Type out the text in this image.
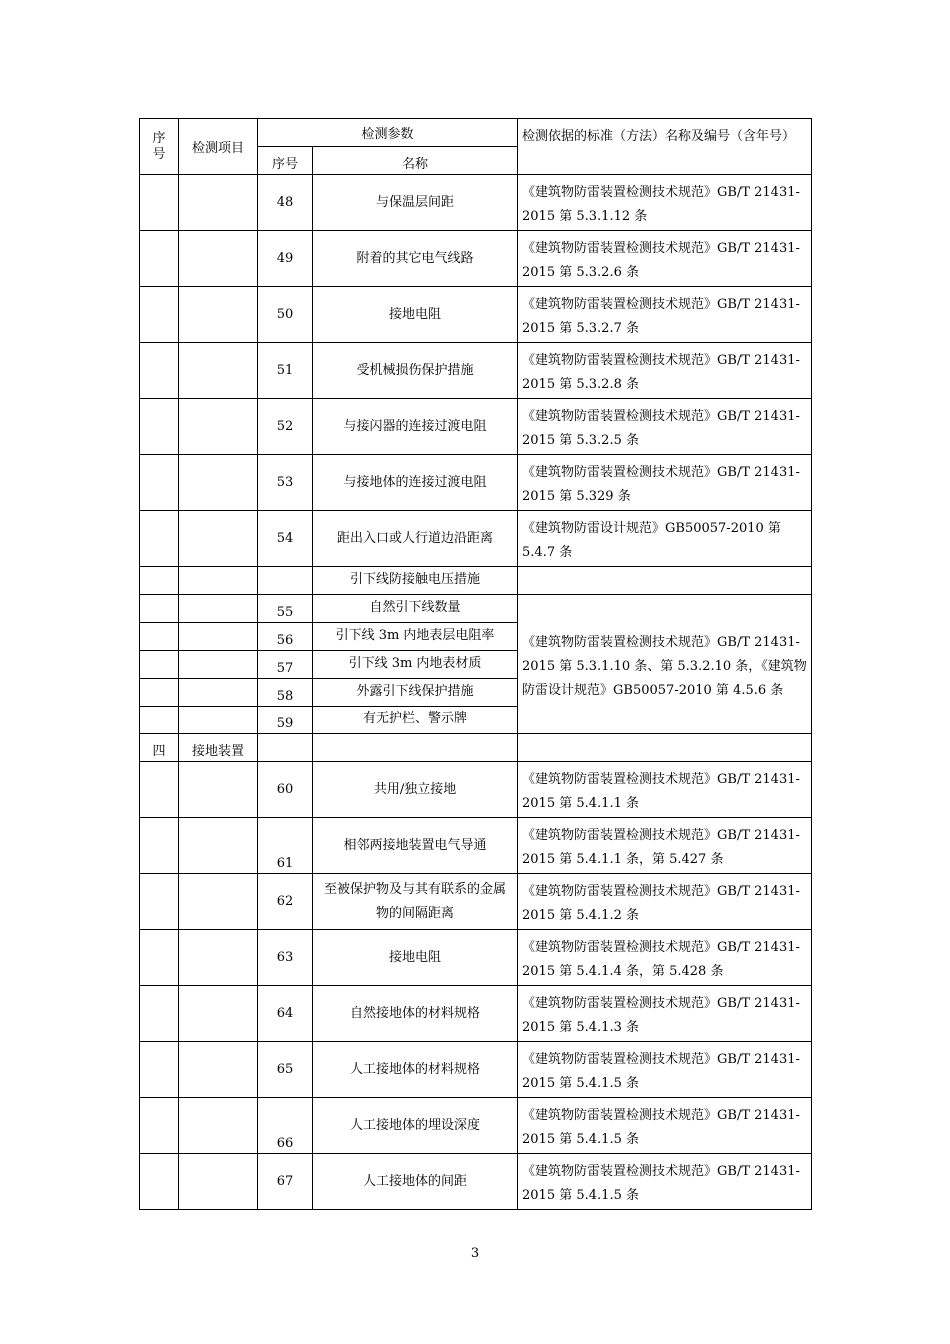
序号	检测项目	检测参数		检测依据的标准（方法）名称及编号（含年号）
		序号	名称	
		48	与保温层间距	《建筑物防雷装置检测技术规范》GB/T 21431-2015 第 5.3.1.12 条
		49	附着的其它电气线路	《建筑物防雷装置检测技术规范》GB/T 21431-2015 第 5.3.2.6 条
		50	接地电阻	《建筑物防雷装置检测技术规范》GB/T 21431-2015 第 5.3.2.7 条
		51	受机械损伤保护措施	《建筑物防雷装置检测技术规范》GB/T 21431-2015 第 5.3.2.8 条
		52	与接闪器的连接过渡电阻	《建筑物防雷装置检测技术规范》GB/T 21431-2015 第 5.3.2.5 条
		53	与接地体的连接过渡电阻	《建筑物防雷装置检测技术规范》GB/T 21431-2015 第 5.329 条
		54	距出入口或人行道边沿距离	《建筑物防雷设计规范》GB50057-2010 第 5.4.7 条
			引下线防接触电压措施	
		55	自然引下线数量	《建筑物防雷装置检测技术规范》GB/T 21431-2015 第 5.3.1.10 条、第 5.3.2.10 条，《建筑物防雷设计规范》GB50057-2010 第 4.5.6 条
		56	引下线 3m 内地表层电阻率	
		57	引下线 3m 内地表材质	
		58	外露引下线保护措施	
		59	有无护栏、警示牌	
四	接地装置			
		60	共用/独立接地	《建筑物防雷装置检测技术规范》GB/T 21431-2015 第 5.4.1.1 条
		61	相邻两接地装置电气导通	《建筑物防雷装置检测技术规范》GB/T 21431-2015 第 5.4.1.1 条，第 5.427 条
		62	至被保护物及与其有联系的金属物的间隔距离	《建筑物防雷装置检测技术规范》GB/T 21431-2015 第 5.4.1.2 条
		63	接地电阻	《建筑物防雷装置检测技术规范》GB/T 21431-2015 第 5.4.1.4 条，第 5.428 条
		64	自然接地体的材料规格	《建筑物防雷装置检测技术规范》GB/T 21431-2015 第 5.4.1.3 条
		65	人工接地体的材料规格	《建筑物防雷装置检测技术规范》GB/T 21431-2015 第 5.4.1.5 条
		66	人工接地体的埋设深度	《建筑物防雷装置检测技术规范》GB/T 21431-2015 第 5.4.1.5 条
		67	人工接地体的间距	《建筑物防雷装置检测技术规范》GB/T 21431-2015 第 5.4.1.5 条
3
